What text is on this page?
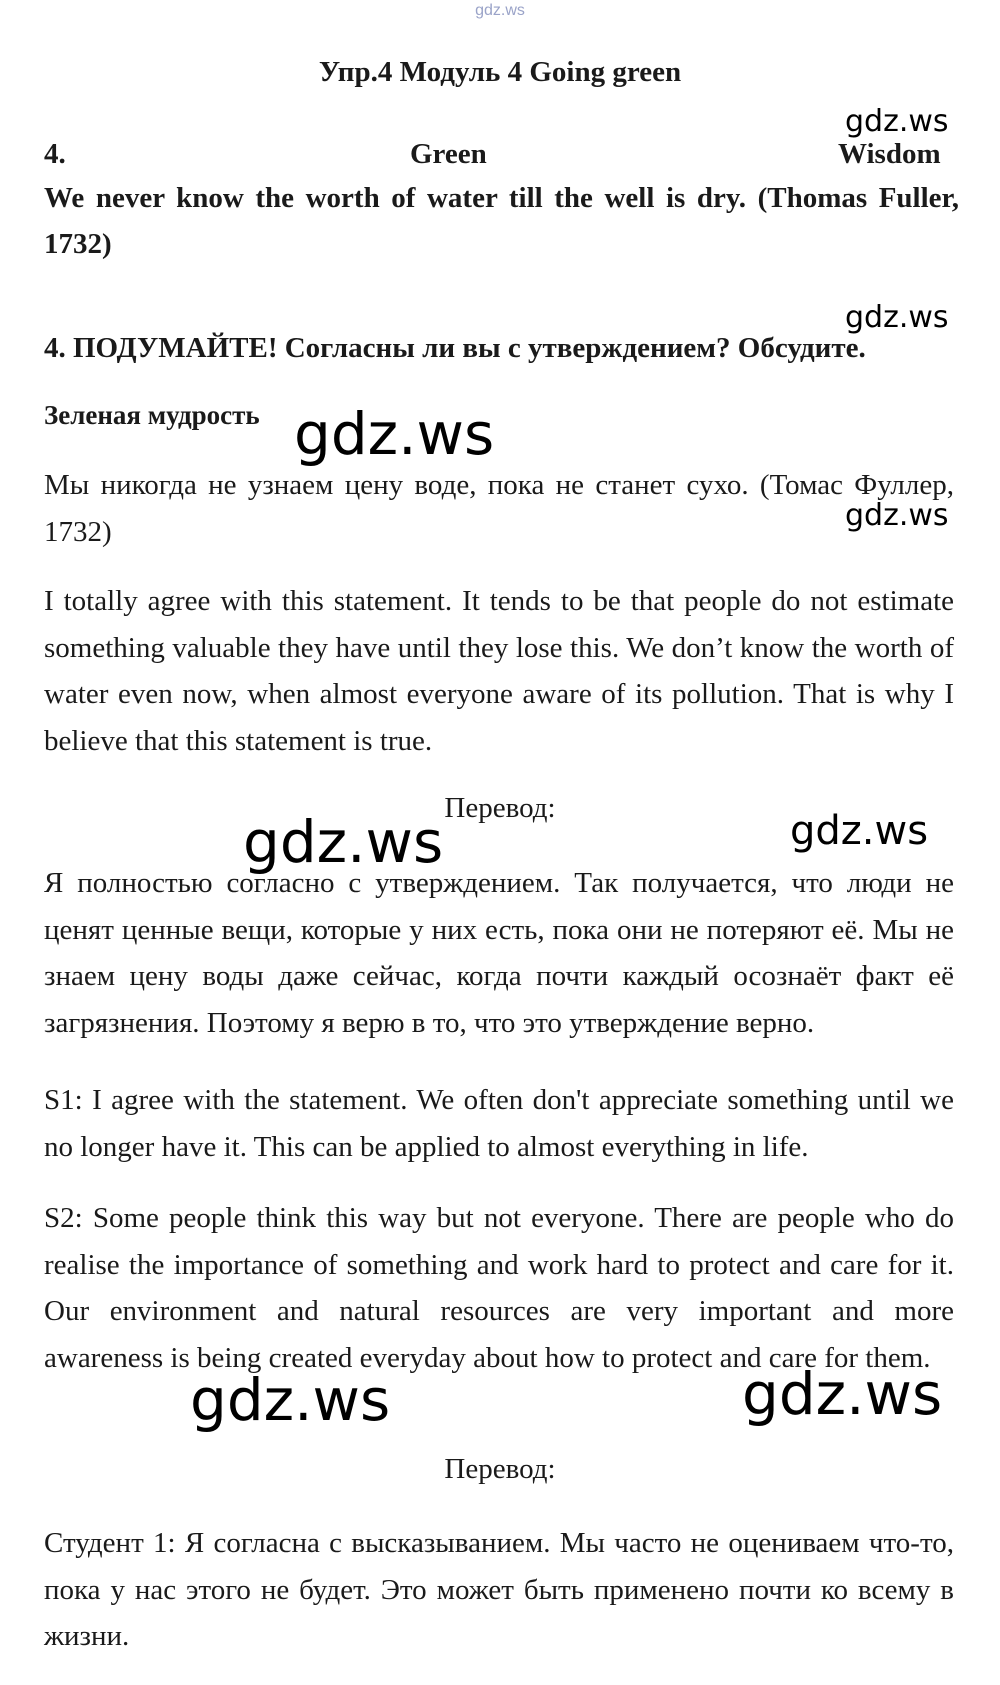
gdz.ws
Упр.4 Модуль 4 Going green
4.	Green	Wisdom
We never know the worth of water till the well is dry. (Thomas Fuller,
1732)
4. ПОДУМАЙТЕ! Согласны ли вы с утверждением? Обсудите.
Зеленая мудрость
Мы никогда не узнаем цену воде, пока не станет сухо. (Томас Фуллер, 1732)
I totally agree with this statement. It tends to be that people do not estimate something valuable they have until they lose this. We don’t know the worth of water even now, when almost everyone aware of its pollution. That is why I believe that this statement is true.
Перевод:
Я полностью согласно с утверждением. Так получается, что люди не ценят ценные вещи, которые у них есть, пока они не потеряют её. Мы не знаем цену воды даже сейчас, когда почти каждый осознаёт факт её загрязнения. Поэтому я верю в то, что это утверждение верно.
S1: I agree with the statement. We often don't appreciate something until we no longer have it. This can be applied to almost everything in life.
S2: Some people think this way but not everyone. There are people who do realise the importance of something and work hard to protect and care for it. Our environment and natural resources are very important and more awareness is being created everyday about how to protect and care for them.
Перевод:
Студент 1: Я согласна с высказыванием. Мы часто не оцениваем что-то, пока у нас этого не будет. Это может быть применено почти ко всему в жизни.
gdz.ws
gdz.ws
gdz.ws
gdz.ws
gdz.ws	gdz.ws
gdz.ws	gdz.ws
